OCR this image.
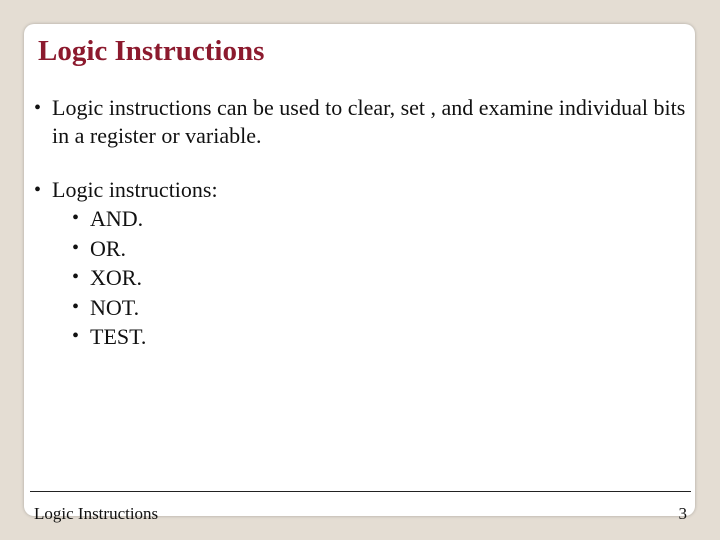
Logic Instructions
• Logic instructions can be used to clear, set , and examine individual bits in a register or variable.
• Logic instructions:
• AND.
• OR.
• XOR.
• NOT.
• TEST.
Logic Instructions	3
